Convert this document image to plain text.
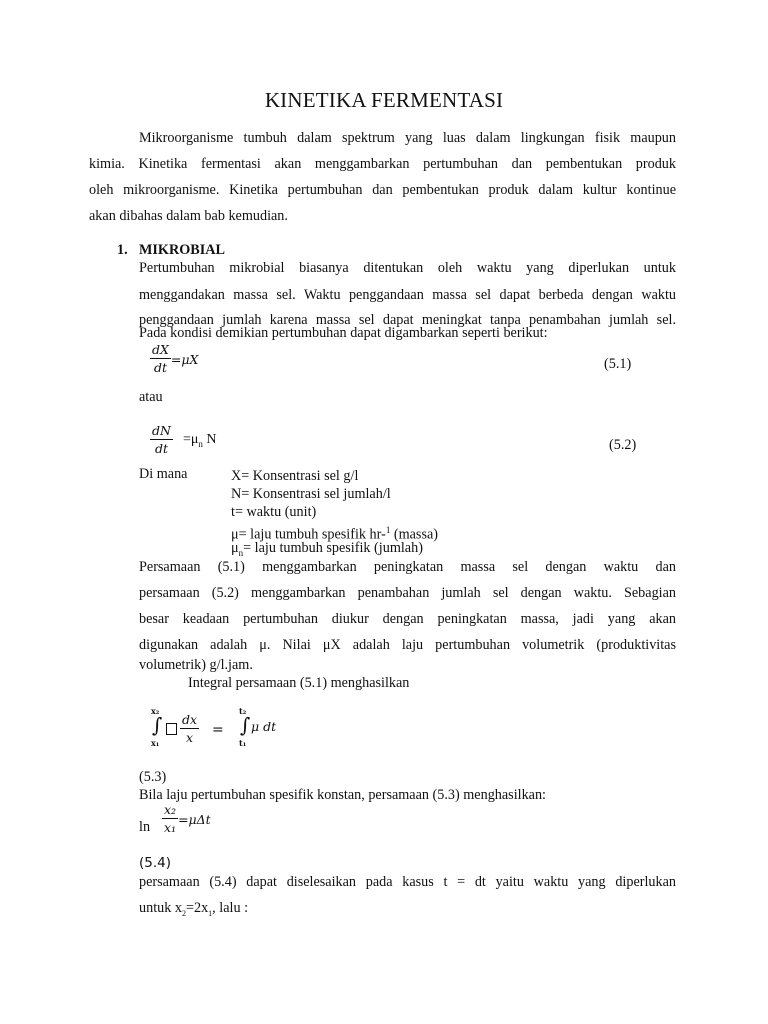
KINETIKA FERMENTASI
Mikroorganisme tumbuh dalam spektrum yang luas dalam lingkungan fisik maupun
kimia. Kinetika fermentasi akan menggambarkan pertumbuhan dan pembentukan produk
oleh mikroorganisme. Kinetika pertumbuhan dan pembentukan produk dalam kultur kontinue
akan dibahas dalam bab kemudian.
1. MIKROBIAL
Pertumbuhan mikrobial biasanya ditentukan oleh waktu yang diperlukan untuk
menggandakan massa sel. Waktu penggandaan massa sel dapat berbeda dengan waktu
penggandaan jumlah karena massa sel dapat meningkat tanpa penambahan jumlah sel.
Pada kondisi demikian pertumbuhan dapat digambarkan seperti berikut:
$\frac{dX}{dt} =\mu X$	(5.1)
atau
$\frac{dN}{dt} =\mu_n$ N	(5.2)
Di mana	X= Konsentrasi sel g/l
N= Konsentrasi sel jumlah/l
t= waktu (unit)
μ= laju tumbuh spesifik hr-$^1$ (massa)
$\mu_n=$ laju tumbuh spesifik (jumlah)
Persamaan (5.1) menggambarkan peningkatan massa sel dengan waktu dan
persamaan (5.2) menggambarkan penambahan jumlah sel dengan waktu. Sebagian
besar keadaan pertumbuhan diukur dengan peningkatan massa, jadi yang akan
digunakan adalah μ. Nilai μX adalah laju pertumbuhan volumetrik (produktivitas
volumetrik) g/l.jam.
Integral persamaan (5.1) menghasilkan
x₂
∫
$x_1 \frac{dx}{x}$ =
t₂
∫
t₁
μ dt
(5.3)
Bila laju pertumbuhan spesifik konstan, persamaan (5.3) menghasilkan:
$\ln \frac{\text{x₂}}{\text{x₁}} =\mu\Delta t$
(5.4)
persamaan (5.4) dapat diselesaikan pada kasus t = dt yaitu waktu yang diperlukan
untuk $x_2=2x_1$, lalu :
